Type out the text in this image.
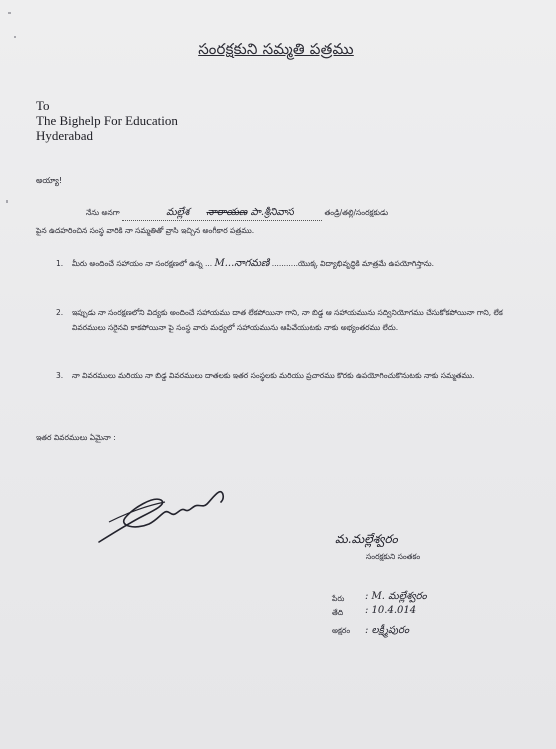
సంరక్షకుని సమ్మతి పత్రము
To
The Bighelp For Education
Hyderabad
అయ్యా!
నేను అనగా	మల్లేశ నారాయణ పా.శ్రీనివాస	తండ్రి/తల్లి/సంరక్షకుడు
పైన ఉదహరించిన సంస్థ వారికి నా సమ్మతితో వ్రాసి ఇచ్చిన అంగీకార పత్రము.
1. మీరు అందించే సహాయం నా సంరక్షణలో ఉన్న ... M...నాగమణి ...........యొక్క విద్యాభివృద్ధికి మాత్రమే ఉపయోగిస్తాను.
2. ఇప్పుడు నా సంరక్షణలోని విద్యకు అందించే సహాయము దాత లేకపోయినా గాని, నా బిడ్డ ఆ సహాయమును సద్వినియోగము చేసుకోకపోయినా గాని, లేక వివరములు సరైనవి కాకపోయినా పై సంస్థ వారు మధ్యలో సహాయమును ఆపివేయుటకు నాకు అభ్యంతరము లేదు.
3. నా వివరములు మరియు నా బిడ్డ వివరములు దాతలకు ఇతర సంస్థలకు మరియు ప్రచారము కొరకు ఉపయోగించుకొనుటకు నాకు సమ్మతము.
ఇతర వివరములు ఏమైనా :
మ.మల్లేశ్వరం
సంరక్షకుని సంతకం
పేరు : M. మల్లేశ్వరం
తేది : 10.4.014
అక్షరం : లక్ష్మీపురం
